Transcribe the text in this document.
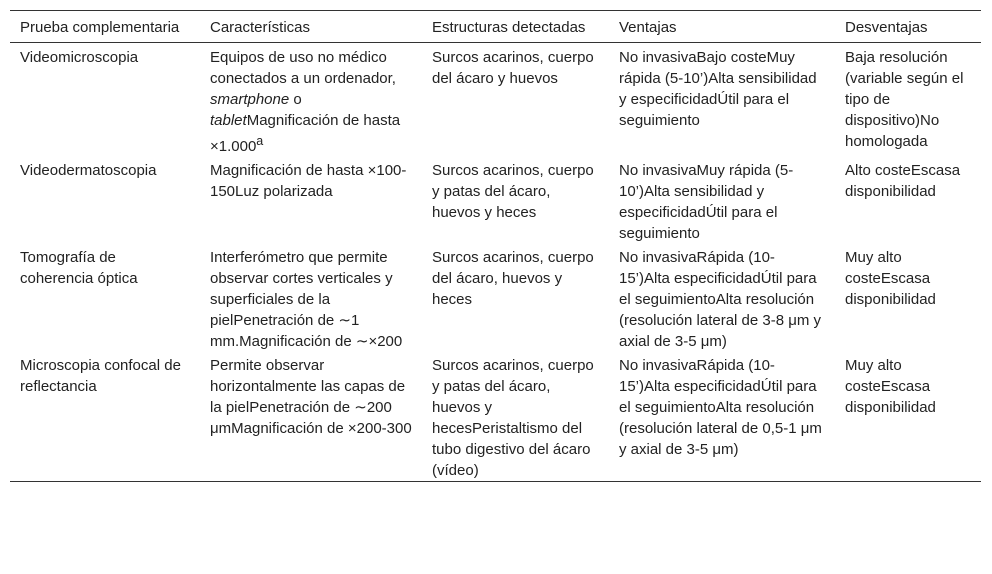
Prueba complementaria	Características	Estructuras detectadas	Ventajas	Desventajas
Videomicroscopia	Equipos de uso no médico conectados a un ordenador, smartphone o tabletMagnificación de hasta ×1.000$^a$	Surcos acarinos, cuerpo del ácaro y huevos	No invasivaBajo costeMuy rápida (5-10’)Alta sensibilidad y especificidadÚtil para el seguimiento	Baja resolución (variable según el tipo de dispositivo)No homologada
Videodermatoscopia	Magnificación de hasta ×100-150Luz polarizada	Surcos acarinos, cuerpo y patas del ácaro, huevos y heces	No invasivaMuy rápida (5-10’)Alta sensibilidad y especificidadÚtil para el seguimiento	Alto costeEscasa disponibilidad
Tomografía de coherencia óptica	Interferómetro que permite observar cortes verticales y superficiales de la pielPenetración de ∼1 mm.Magnificación de ∼×200	Surcos acarinos, cuerpo del ácaro, huevos y heces	No invasivaRápida (10-15’)Alta especificidadÚtil para el seguimientoAlta resolución (resolución lateral de 3-8 μm y axial de 3-5 μm)	Muy alto costeEscasa disponibilidad
Microscopia confocal de reflectancia	Permite observar horizontalmente las capas de la pielPenetración de ∼200 μmMagnificación de ×200-300	Surcos acarinos, cuerpo y patas del ácaro, huevos y hecesPeristaltismo del tubo digestivo del ácaro (vídeo)	No invasivaRápida (10-15’)Alta especificidadÚtil para el seguimientoAlta resolución (resolución lateral de 0,5-1 μm y axial de 3-5 μm)	Muy alto costeEscasa disponibilidad
